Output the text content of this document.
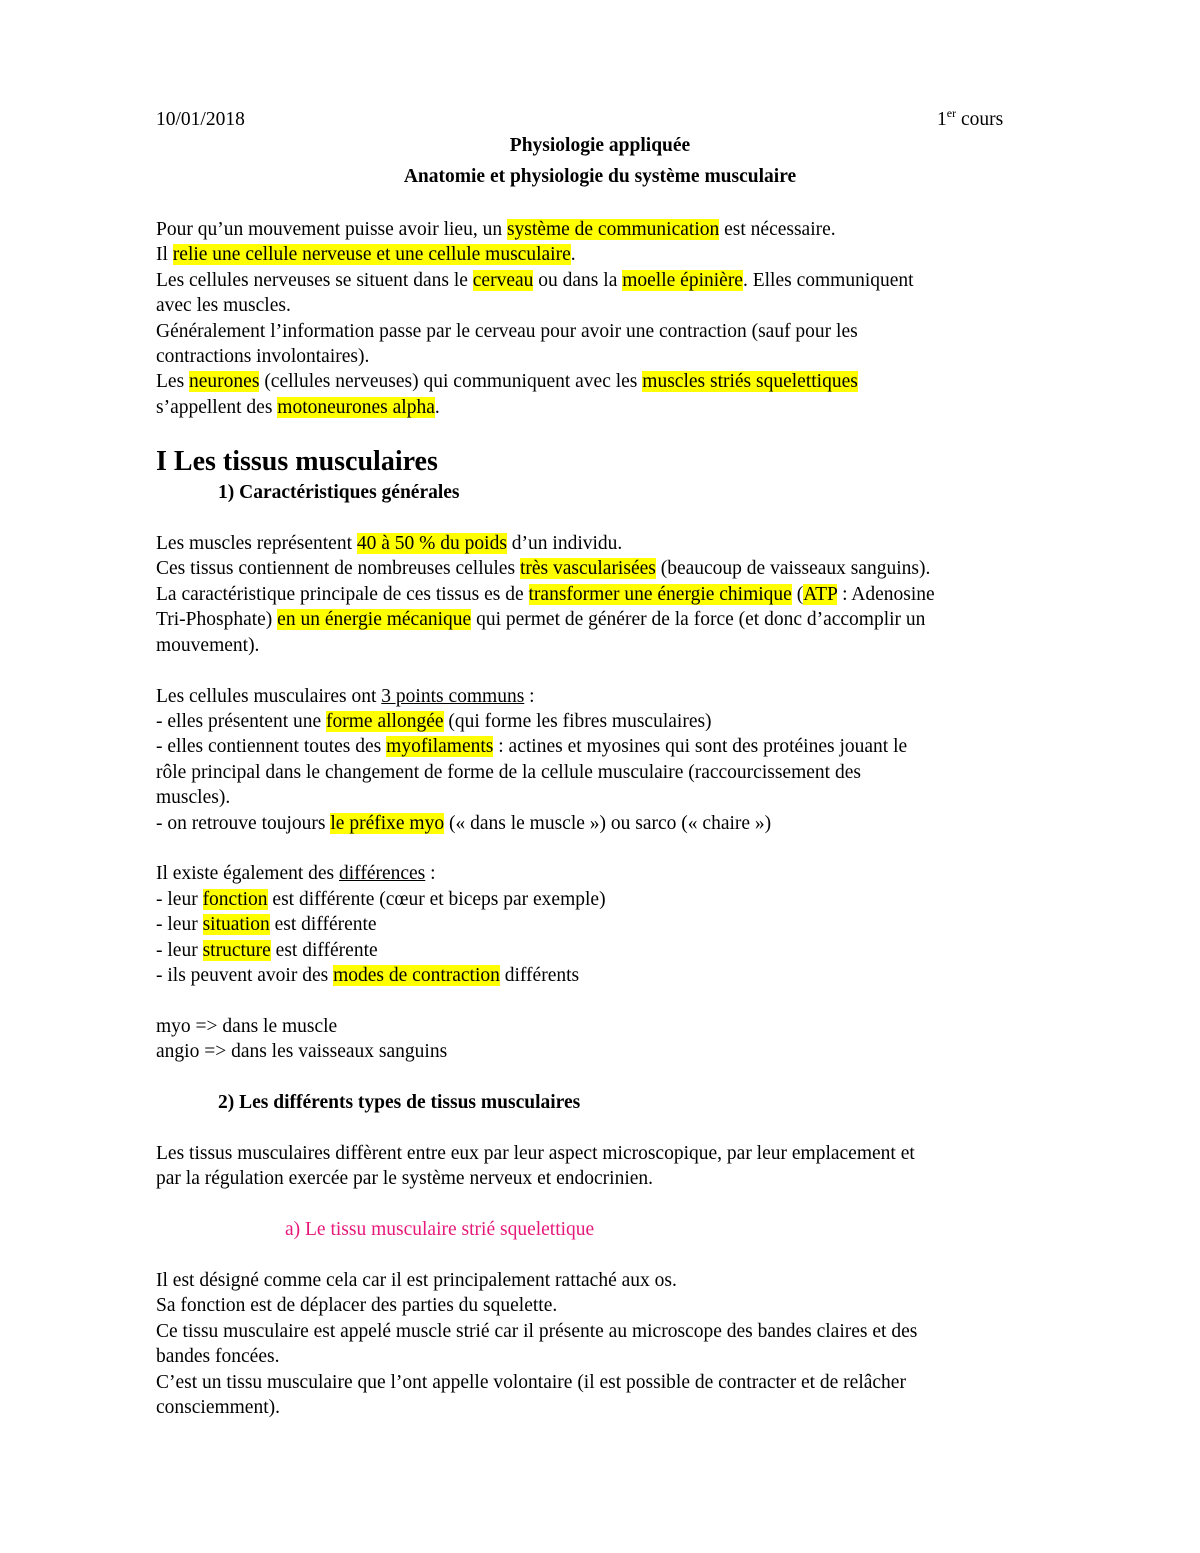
10/01/2018	1er cours
Physiologie appliquée
Anatomie et physiologie du système musculaire
Pour qu’un mouvement puisse avoir lieu, un système de communication est nécessaire.
Il relie une cellule nerveuse et une cellule musculaire.
Les cellules nerveuses se situent dans le cerveau ou dans la moelle épinière. Elles communiquent
avec les muscles.
Généralement l’information passe par le cerveau pour avoir une contraction (sauf pour les
contractions involontaires).
Les neurones (cellules nerveuses) qui communiquent avec les muscles striés squelettiques
s’appellent des motoneurones alpha.
I Les tissus musculaires
1) Caractéristiques générales
Les muscles représentent 40 à 50 % du poids d’un individu.
Ces tissus contiennent de nombreuses cellules très vascularisées (beaucoup de vaisseaux sanguins).
La caractéristique principale de ces tissus es de transformer une énergie chimique (ATP : Adenosine
Tri-Phosphate) en un énergie mécanique qui permet de générer de la force (et donc d’accomplir un
mouvement).
Les cellules musculaires ont 3 points communs :
- elles présentent une forme allongée (qui forme les fibres musculaires)
- elles contiennent toutes des myofilaments : actines et myosines qui sont des protéines jouant le
rôle principal dans le changement de forme de la cellule musculaire (raccourcissement des
muscles).
- on retrouve toujours le préfixe myo (« dans le muscle ») ou sarco (« chaire »)
Il existe également des différences :
- leur fonction est différente (cœur et biceps par exemple)
- leur situation est différente
- leur structure est différente
- ils peuvent avoir des modes de contraction différents
myo => dans le muscle
angio => dans les vaisseaux sanguins
2) Les différents types de tissus musculaires
Les tissus musculaires diffèrent entre eux par leur aspect microscopique, par leur emplacement et
par la régulation exercée par le système nerveux et endocrinien.
a) Le tissu musculaire strié squelettique
Il est désigné comme cela car il est principalement rattaché aux os.
Sa fonction est de déplacer des parties du squelette.
Ce tissu musculaire est appelé muscle strié car il présente au microscope des bandes claires et des
bandes foncées.
C’est un tissu musculaire que l’ont appelle volontaire (il est possible de contracter et de relâcher
consciemment).
